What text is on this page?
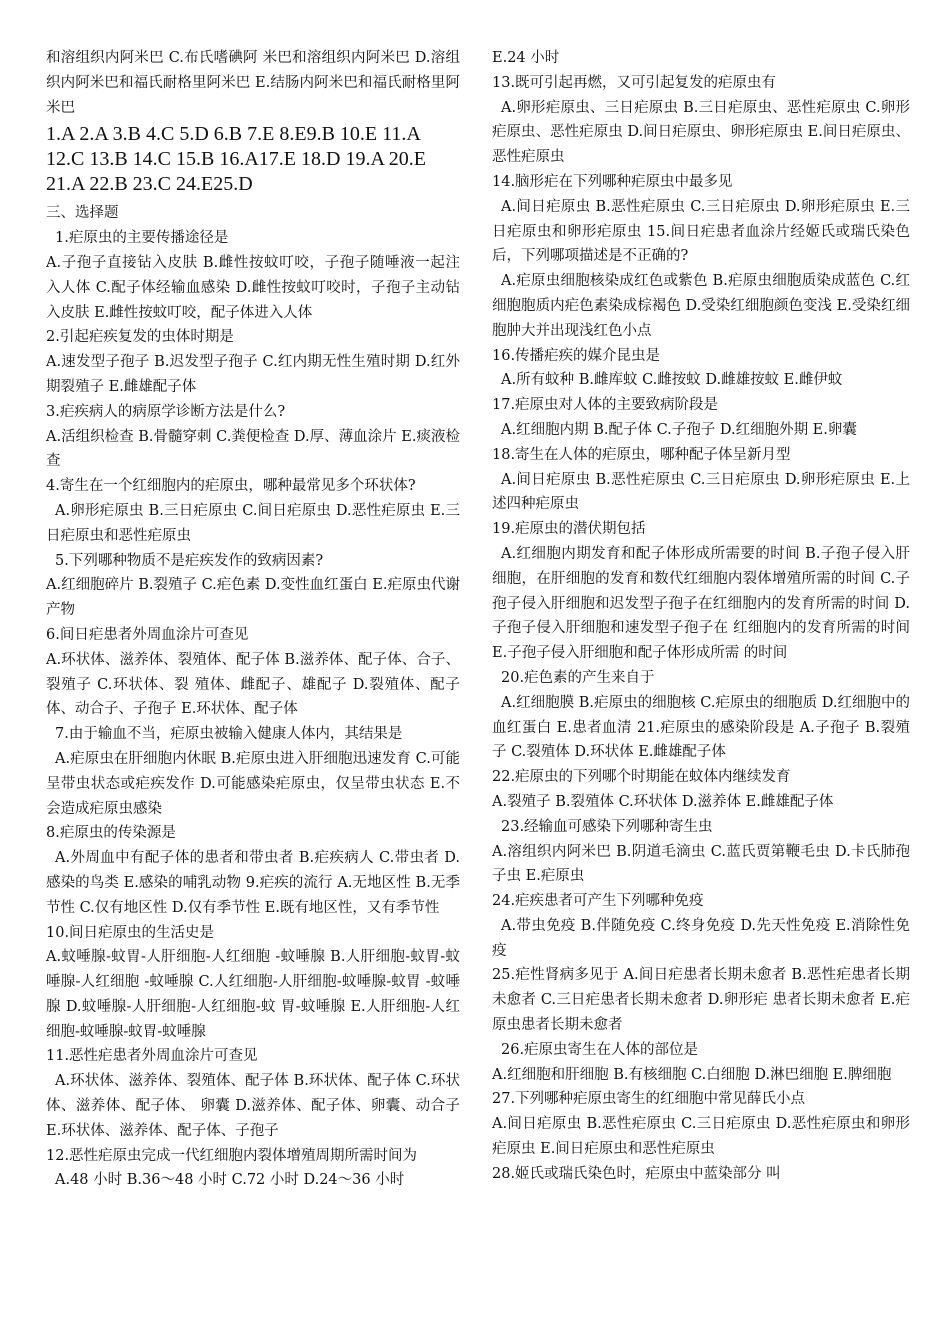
和溶组织内阿米巴 C.布氏嗜碘阿 米巴和溶组织内阿米巴 D.溶组织内阿米巴和福氏耐格里阿米巴 E.结肠内阿米巴和福氏耐格里阿米巴

1.A 2.A 3.B 4.C 5.D 6.B 7.E 8.E9.B 10.E 11.A 12.C 13.B 14.C 15.B 16.A17.E 18.D 19.A 20.E 21.A 22.B 23.C 24.E25.D

三、选择题

1.疟原虫的主要传播途径是

A.子孢子直接钻入皮肤 B.雌性按蚊叮咬，子孢子随唾液一起注 入人体 C.配子体经输血感染 D.雌性按蚊叮咬时，子孢子主动钻入皮肤 E.雌性按蚊叮咬，配子体进入人体

2.引起疟疾复发的虫体时期是

A.速发型子孢子 B.迟发型子孢子 C.红内期无性生殖时期 D.红外期裂殖子 E.雌雄配子体

3.疟疾病人的病原学诊断方法是什么?

A.活组织检查 B.骨髓穿刺 C.粪便检查 D.厚、薄血涂片 E.痰液检查

4.寄生在一个红细胞内的疟原虫，哪种最常见多个环状体?

A.卵形疟原虫 B.三日疟原虫 C.间日疟原虫 D.恶性疟原虫 E.三日疟原虫和恶性疟原虫

5.下列哪种物质不是疟疾发作的致病因素?

A.红细胞碎片 B.裂殖子 C.疟色素 D.变性血红蛋白 E.疟原虫代谢产物

6.间日疟患者外周血涂片可查见

A.环状体、滋养体、裂殖体、配子体 B.滋养体、配子体、合子、裂殖子 C.环状体、裂 殖体、雌配子、雄配子 D.裂殖体、配子体、动合子、子孢子 E.环状体、配子体

7.由于输血不当，疟原虫被输入健康人体内，其结果是

A.疟原虫在肝细胞内休眠 B.疟原虫进入肝细胞迅速发育 C.可能呈带虫状态或疟疾发作 D.可能感染疟原虫，仅呈带虫状态 E.不会造成疟原虫感染

8.疟原虫的传染源是

A.外周血中有配子体的患者和带虫者 B.疟疾病人 C.带虫者 D.感染的鸟类 E.感染的哺乳动物 9.疟疾的流行 A.无地区性 B.无季节性 C.仅有地区性 D.仅有季节性 E.既有地区性，又有季节性

10.间日疟原虫的生活史是

A.蚊唾腺-蚊胃-人肝细胞-人红细胞 -蚊唾腺 B.人肝细胞-蚊胃-蚊唾腺-人红细胞 -蚊唾腺 C.人红细胞-人肝细胞-蚊唾腺-蚊胃 -蚊唾腺 D.蚊唾腺-人肝细胞-人红细胞-蚊 胃-蚊唾腺 E.人肝细胞-人红细胞-蚊唾腺-蚊胃-蚊唾腺

11.恶性疟患者外周血涂片可查见

A.环状体、滋养体、裂殖体、配子体 B.环状体、配子体 C.环状体、滋养体、配子体、 卵囊 D.滋养体、配子体、卵囊、动合子 E.环状体、滋养体、配子体、子孢子

12.恶性疟原虫完成一代红细胞内裂体增殖周期所需时间为

A.48 小时 B.36～48 小时 C.72 小时 D.24～36 小时

E.24 小时

13.既可引起再燃，又可引起复发的疟原虫有

A.卵形疟原虫、三日疟原虫 B.三日疟原虫、恶性疟原虫 C.卵形疟原虫、恶性疟原虫 D.间日疟原虫、卵形疟原虫 E.间日疟原虫、恶性疟原虫

14.脑形疟在下列哪种疟原虫中最多见

A.间日疟原虫 B.恶性疟原虫 C.三日疟原虫 D.卵形疟原虫 E.三日疟原虫和卵形疟原虫 15.间日疟患者血涂片经姬氏或瑞氏染色后，下列哪项描述是不正确的?

A.疟原虫细胞核染成红色或紫色 B.疟原虫细胞质染成蓝色 C.红细胞胞质内疟色素染成棕褐色 D.受染红细胞颜色变浅 E.受染红细胞肿大并出现浅红色小点

16.传播疟疾的媒介昆虫是

A.所有蚊种 B.雌库蚊 C.雌按蚊 D.雌雄按蚊 E.雌伊蚊

17.疟原虫对人体的主要致病阶段是

A.红细胞内期 B.配子体 C.子孢子 D.红细胞外期 E.卵囊

18.寄生在人体的疟原虫，哪种配子体呈新月型

A.间日疟原虫 B.恶性疟原虫 C.三日疟原虫 D.卵形疟原虫 E.上述四种疟原虫

19.疟原虫的潜伏期包括

A.红细胞内期发育和配子体形成所需要的时间 B.子孢子侵入肝细胞，在肝细胞的发育和数代红细胞内裂体增殖所需的时间 C.子孢子侵入肝细胞和迟发型子孢子在红细胞内的发育所需的时间 D.子孢子侵入肝细胞和速发型子孢子在 红细胞内的发育所需的时间 E.子孢子侵入肝细胞和配子体形成所需 的时间

20.疟色素的产生来自于

A.红细胞膜 B.疟原虫的细胞核 C.疟原虫的细胞质 D.红细胞中的血红蛋白 E.患者血清 21.疟原虫的感染阶段是 A.子孢子 B.裂殖子 C.裂殖体 D.环状体 E.雌雄配子体

22.疟原虫的下列哪个时期能在蚊体内继续发育

A.裂殖子 B.裂殖体 C.环状体 D.滋养体 E.雌雄配子体

23.经输血可感染下列哪种寄生虫

A.溶组织内阿米巴 B.阴道毛滴虫 C.蓝氏贾第鞭毛虫 D.卡氏肺孢子虫 E.疟原虫

24.疟疾患者可产生下列哪种免疫

A.带虫免疫 B.伴随免疫 C.终身免疫 D.先天性免疫 E.消除性免疫

25.疟性肾病多见于 A.间日疟患者长期未愈者 B.恶性疟患者长期未愈者 C.三日疟患者长期未愈者 D.卵形疟 患者长期未愈者 E.疟原虫患者长期未愈者

26.疟原虫寄生在人体的部位是

A.红细胞和肝细胞 B.有核细胞 C.白细胞 D.淋巴细胞 E.脾细胞

27.下列哪种疟原虫寄生的红细胞中常见薛氏小点

A.间日疟原虫 B.恶性疟原虫 C.三日疟原虫 D.恶性疟原虫和卵形疟原虫 E.间日疟原虫和恶性疟原虫

28.姬氏或瑞氏染色时，疟原虫中蓝染部分 叫
